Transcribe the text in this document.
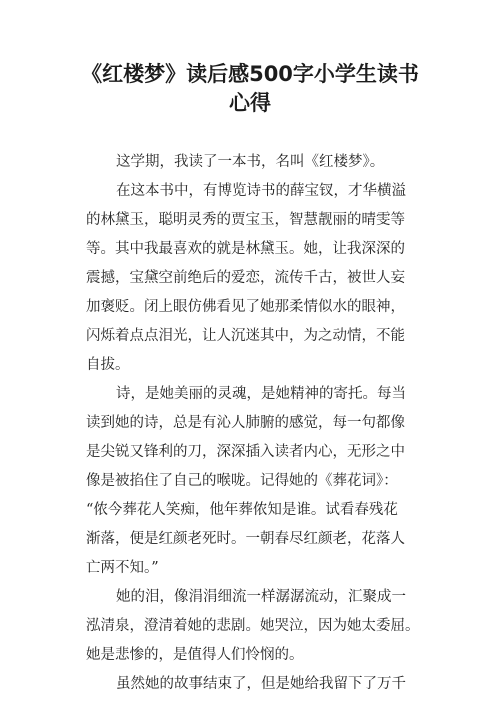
《红楼梦》读后感500字小学生读书
心得
这学期，我读了一本书，名叫《红楼梦》。
在这本书中，有博览诗书的薛宝钗，才华横溢
的林黛玉，聪明灵秀的贾宝玉，智慧靓丽的晴雯等
等。其中我最喜欢的就是林黛玉。她，让我深深的
震撼，宝黛空前绝后的爱恋，流传千古，被世人妄
加褒贬。闭上眼仿佛看见了她那柔情似水的眼神，
闪烁着点点泪光，让人沉迷其中，为之动情，不能
自拔。
诗，是她美丽的灵魂，是她精神的寄托。每当
读到她的诗，总是有沁人肺腑的感觉，每一句都像
是尖锐又锋利的刀，深深插入读者内心，无形之中
像是被掐住了自己的喉咙。记得她的《葬花词》：
“侬今葬花人笑痴，他年葬侬知是谁。试看春残花
渐落，便是红颜老死时。一朝春尽红颜老，花落人
亡两不知。”
她的泪，像涓涓细流一样潺潺流动，汇聚成一
泓清泉，澄清着她的悲剧。她哭泣，因为她太委屈。
她是悲惨的，是值得人们怜悯的。
虽然她的故事结束了，但是她给我留下了万千
